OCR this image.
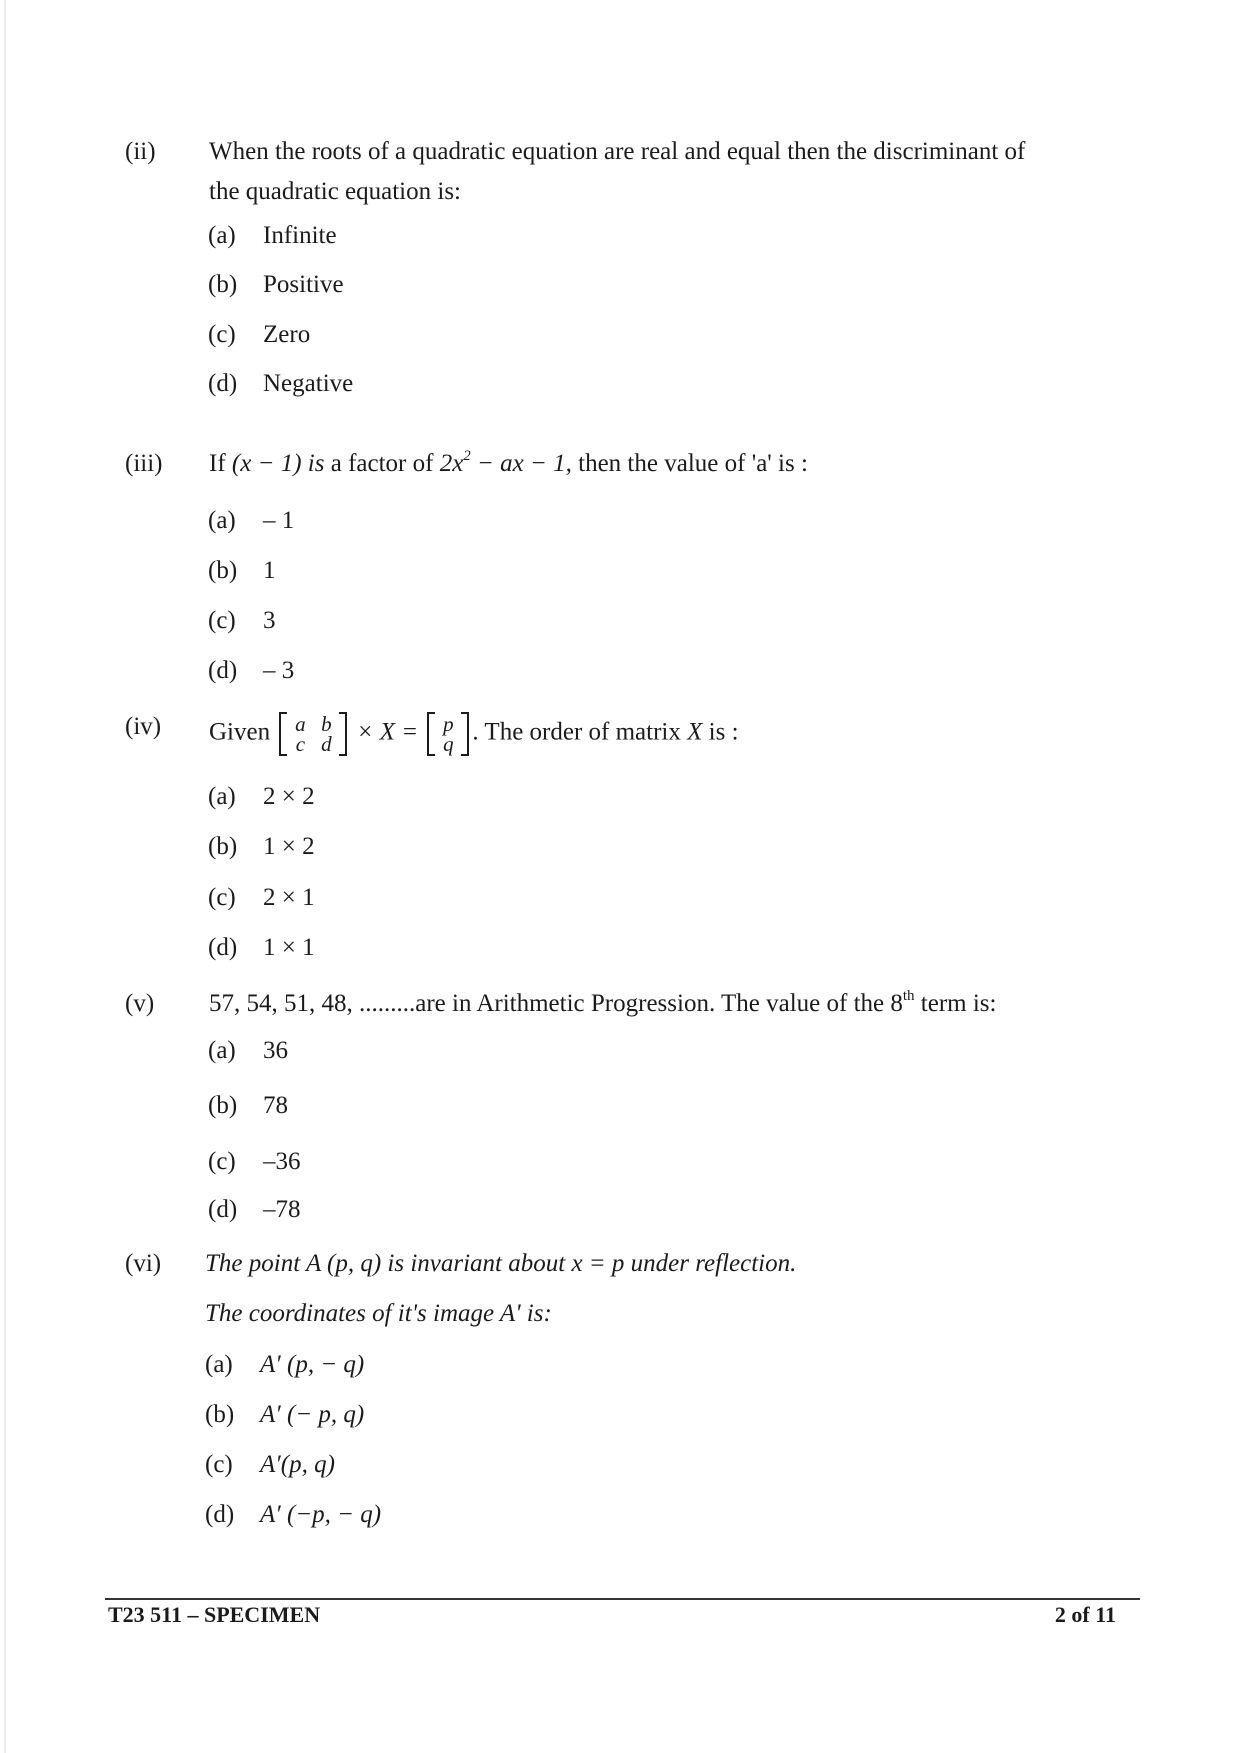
(ii) When the roots of a quadratic equation are real and equal then the discriminant of
the quadratic equation is:
(a) Infinite
(b) Positive
(c) Zero
(d) Negative
(iii) If (x − 1) is a factor of $2x^2$ − ax − 1, then the value of 'a' is :
(a) – 1
(b) 1
(c) 3
(d) – 3
(iv) Given a b
c d × X = p
q . The order of matrix X is :
(a) 2 × 2
(b) 1 × 2
(c) 2 × 1
(d) 1 × 1
(v) 57, 54, 51, 48, .........are in Arithmetic Progression. The value of the 8th term is:
(a) 36
(b) 78
(c) –36
(d) –78
(vi) The point A (p, q) is invariant about x = p under reflection.
The coordinates of it's image A' is:
(a) A′ (p, − q)
(b) A′ (− p, q)
(c) A′(p, q)
(d) A′ (−p, − q)
T23 511 – SPECIMEN	2 of 11
